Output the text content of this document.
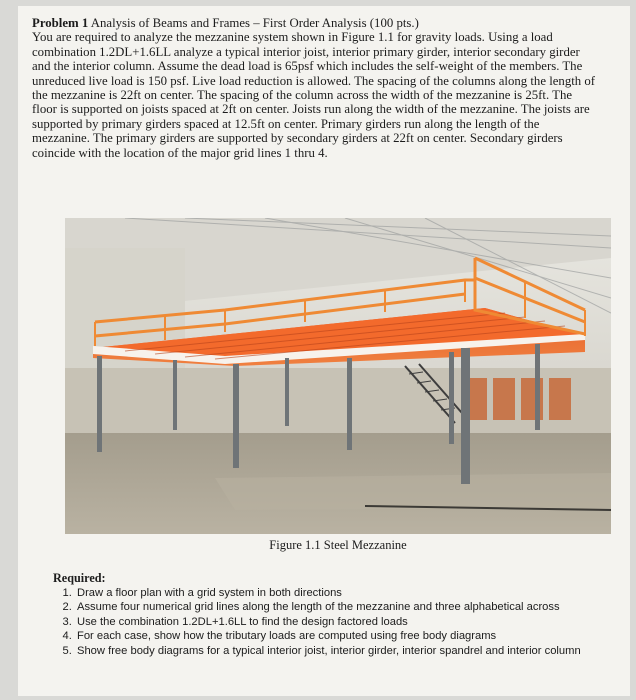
Problem 1 Analysis of Beams and Frames – First Order Analysis (100 pts.)
You are required to analyze the mezzanine system shown in Figure 1.1 for gravity loads. Using a load combination 1.2DL+1.6LL analyze a typical interior joist, interior primary girder, interior secondary girder and the interior column. Assume the dead load is 65psf which includes the self-weight of the members. The unreduced live load is 150 psf. Live load reduction is allowed. The spacing of the columns along the length of the mezzanine is 22ft on center. The spacing of the column across the width of the mezzanine is 25ft. The floor is supported on joists spaced at 2ft on center. Joists run along the width of the mezzanine. The joists are supported by primary girders spaced at 12.5ft on center. Primary girders run along the length of the mezzanine. The primary girders are supported by secondary girders at 22ft on center. Secondary girders coincide with the location of the major grid lines 1 thru 4.
Figure 1.1 Steel Mezzanine
Required:
1. Draw a floor plan with a grid system in both directions
2. Assume four numerical grid lines along the length of the mezzanine and three alphabetical across
3. Use the combination 1.2DL+1.6LL to find the design factored loads
4. For each case, show how the tributary loads are computed using free body diagrams
5. Show free body diagrams for a typical interior joist, interior girder, interior spandrel and interior column
